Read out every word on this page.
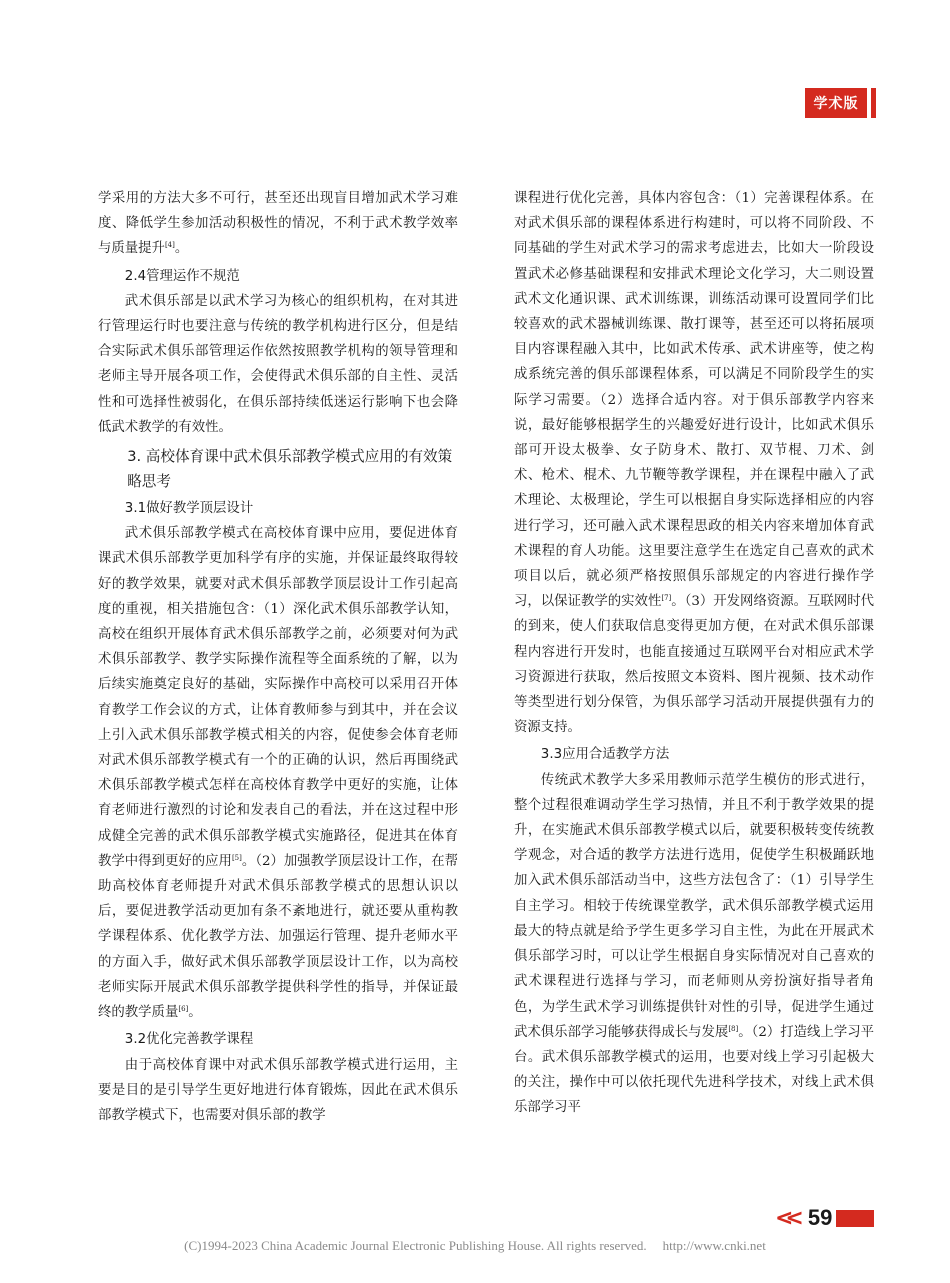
学术版

学采用的方法大多不可行，甚至还出现盲目增加武术学习难度、降低学生参加活动积极性的情况，不利于武术教学效率与质量提升[4]。

2.4管理运作不规范

武术俱乐部是以武术学习为核心的组织机构，在对其进行管理运行时也要注意与传统的教学机构进行区分，但是结合实际武术俱乐部管理运作依然按照教学机构的领导管理和老师主导开展各项工作，会使得武术俱乐部的自主性、灵活性和可选择性被弱化，在俱乐部持续低迷运行影响下也会降低武术教学的有效性。

3. 高校体育课中武术俱乐部教学模式应用的有效策略思考
3.1做好教学顶层设计

武术俱乐部教学模式在高校体育课中应用，要促进体育课武术俱乐部教学更加科学有序的实施，并保证最终取得较好的教学效果，就要对武术俱乐部教学顶层设计工作引起高度的重视，相关措施包含：（1）深化武术俱乐部教学认知，高校在组织开展体育武术俱乐部教学之前，必须要对何为武术俱乐部教学、教学实际操作流程等全面系统的了解，以为后续实施奠定良好的基础，实际操作中高校可以采用召开体育教学工作会议的方式，让体育教师参与到其中，并在会议上引入武术俱乐部教学模式相关的内容，促使参会体育老师对武术俱乐部教学模式有一个的正确的认识，然后再围绕武术俱乐部教学模式怎样在高校体育教学中更好的实施，让体育老师进行激烈的讨论和发表自己的看法，并在这过程中形成健全完善的武术俱乐部教学模式实施路径，促进其在体育教学中得到更好的应用[5]。（2）加强教学顶层设计工作，在帮助高校体育老师提升对武术俱乐部教学模式的思想认识以后，要促进教学活动更加有条不紊地进行，就还要从重构教学课程体系、优化教学方法、加强运行管理、提升老师水平的方面入手，做好武术俱乐部教学顶层设计工作，以为高校老师实际开展武术俱乐部教学提供科学性的指导，并保证最终的教学质量[6]。

3.2优化完善教学课程

由于高校体育课中对武术俱乐部教学模式进行运用，主要是目的是引导学生更好地进行体育锻炼，因此在武术俱乐部教学模式下，也需要对俱乐部的教学

课程进行优化完善，具体内容包含：（1）完善课程体系。在对武术俱乐部的课程体系进行构建时，可以将不同阶段、不同基础的学生对武术学习的需求考虑进去，比如大一阶段设置武术必修基础课程和安排武术理论文化学习，大二则设置武术文化通识课、武术训练课，训练活动课可设置同学们比较喜欢的武术器械训练课、散打课等，甚至还可以将拓展项目内容课程融入其中，比如武术传承、武术讲座等，使之构成系统完善的俱乐部课程体系，可以满足不同阶段学生的实际学习需要。（2）选择合适内容。对于俱乐部教学内容来说，最好能够根据学生的兴趣爱好进行设计，比如武术俱乐部可开设太极拳、女子防身术、散打、双节棍、刀术、剑术、枪术、棍术、九节鞭等教学课程，并在课程中融入了武术理论、太极理论，学生可以根据自身实际选择相应的内容进行学习，还可融入武术课程思政的相关内容来增加体育武术课程的育人功能。这里要注意学生在选定自己喜欢的武术项目以后，就必须严格按照俱乐部规定的内容进行操作学习，以保证教学的实效性[7]。（3）开发网络资源。互联网时代的到来，使人们获取信息变得更加方便，在对武术俱乐部课程内容进行开发时，也能直接通过互联网平台对相应武术学习资源进行获取，然后按照文本资料、图片视频、技术动作等类型进行划分保管，为俱乐部学习活动开展提供强有力的资源支持。

3.3应用合适教学方法

传统武术教学大多采用教师示范学生模仿的形式进行，整个过程很难调动学生学习热情，并且不利于教学效果的提升，在实施武术俱乐部教学模式以后，就要积极转变传统教学观念，对合适的教学方法进行选用，促使学生积极踊跃地加入武术俱乐部活动当中，这些方法包含了：（1）引导学生自主学习。相较于传统课堂教学，武术俱乐部教学模式运用最大的特点就是给予学生更多学习自主性，为此在开展武术俱乐部学习时，可以让学生根据自身实际情况对自己喜欢的武术课程进行选择与学习，而老师则从旁扮演好指导者角色，为学生武术学习训练提供针对性的引导，促进学生通过武术俱乐部学习能够获得成长与发展[8]。（2）打造线上学习平台。武术俱乐部教学模式的运用，也要对线上学习引起极大的关注，操作中可以依托现代先进科学技术，对线上武术俱乐部学习平

<< 59
(C)1994-2023 China Academic Journal Electronic Publishing House. All rights reserved. http://www.cnki.net
